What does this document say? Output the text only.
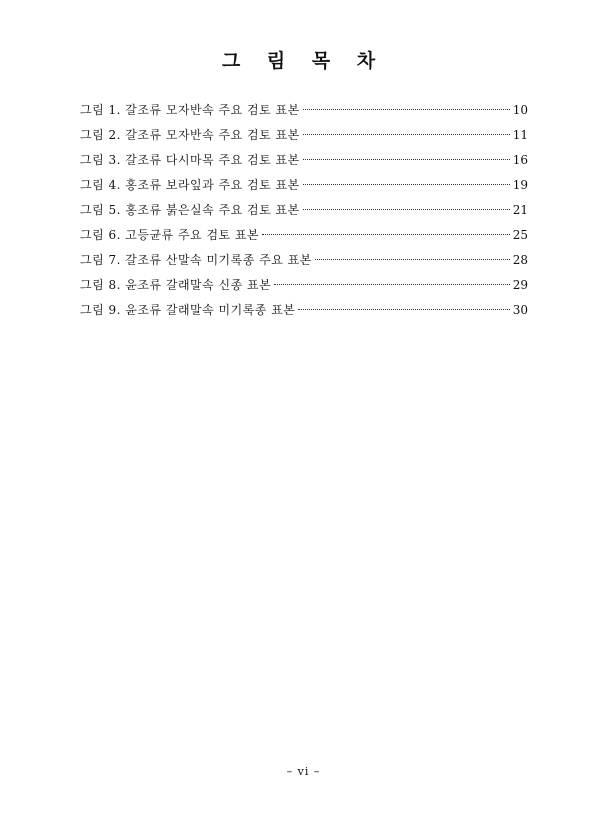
그 림 목 차
그림 1. 갈조류 모자반속 주요 검토 표본	10
그림 2. 갈조류 모자반속 주요 검토 표본	11
그림 3. 갈조류 다시마목 주요 검토 표본	16
그림 4. 홍조류 보라잎과 주요 검토 표본	19
그림 5. 홍조류 붉은실속 주요 검토 표본	21
그림 6. 고등균류 주요 검토 표본	25
그림 7. 갈조류 산말속 미기록종 주요 표본	28
그림 8. 윤조류 갈래말속 신종 표본	29
그림 9. 윤조류 갈래말속 미기록종 표본	30

– vi –
